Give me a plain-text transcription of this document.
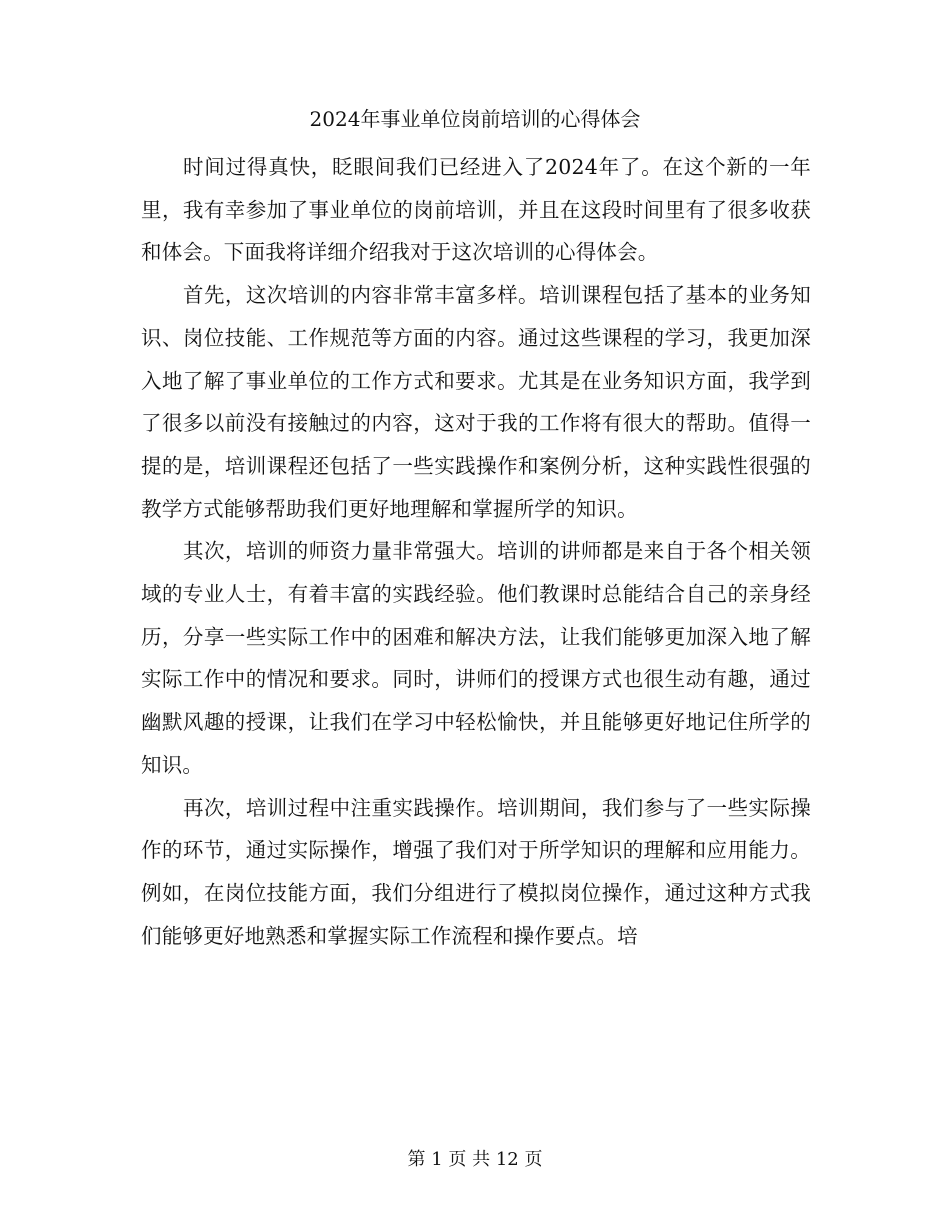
2024年事业单位岗前培训的心得体会

时间过得真快，眨眼间我们已经进入了2024年了。在这个新的一年里，我有幸参加了事业单位的岗前培训，并且在这段时间里有了很多收获和体会。下面我将详细介绍我对于这次培训的心得体会。

首先，这次培训的内容非常丰富多样。培训课程包括了基本的业务知识、岗位技能、工作规范等方面的内容。通过这些课程的学习，我更加深入地了解了事业单位的工作方式和要求。尤其是在业务知识方面，我学到了很多以前没有接触过的内容，这对于我的工作将有很大的帮助。值得一提的是，培训课程还包括了一些实践操作和案例分析，这种实践性很强的教学方式能够帮助我们更好地理解和掌握所学的知识。

其次，培训的师资力量非常强大。培训的讲师都是来自于各个相关领域的专业人士，有着丰富的实践经验。他们教课时总能结合自己的亲身经历，分享一些实际工作中的困难和解决方法，让我们能够更加深入地了解实际工作中的情况和要求。同时，讲师们的授课方式也很生动有趣，通过幽默风趣的授课，让我们在学习中轻松愉快，并且能够更好地记住所学的知识。

再次，培训过程中注重实践操作。培训期间，我们参与了一些实际操作的环节，通过实际操作，增强了我们对于所学知识的理解和应用能力。例如，在岗位技能方面，我们分组进行了模拟岗位操作，通过这种方式我们能够更好地熟悉和掌握实际工作流程和操作要点。培

第 1 页 共 12 页
